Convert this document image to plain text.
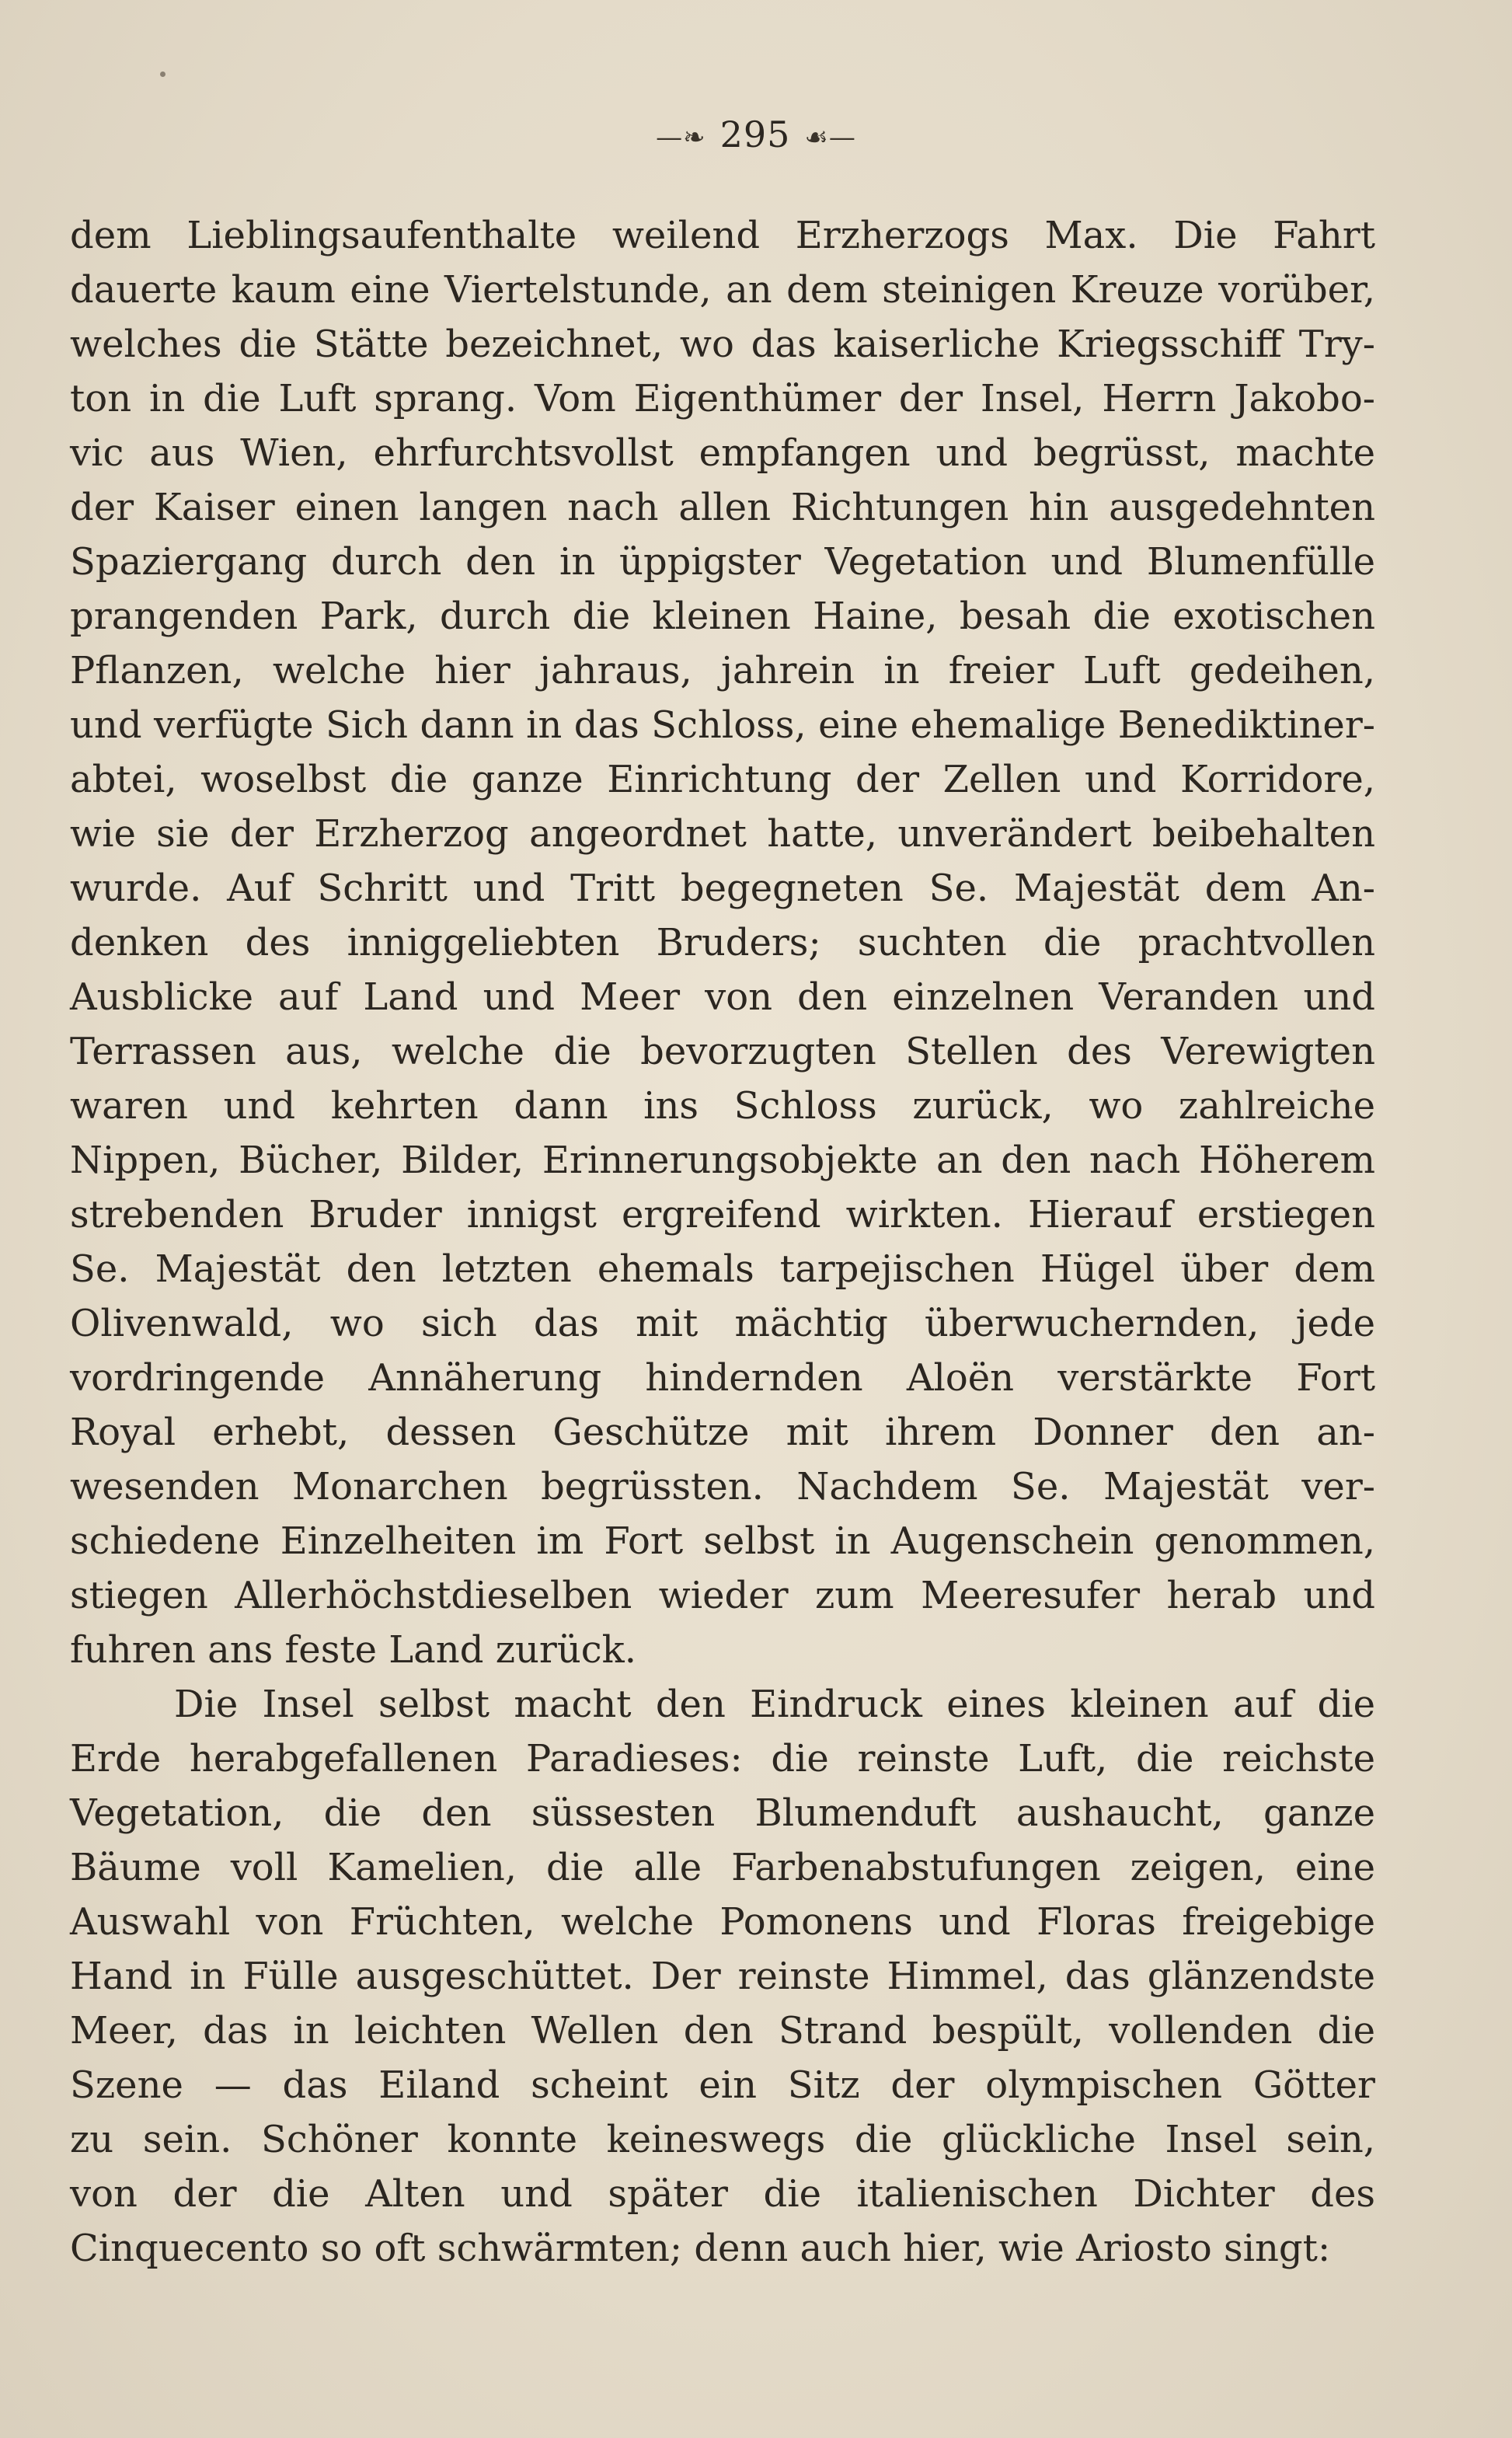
—❧ 295 ☙—
dem Lieblingsaufenthalte weilend Erzherzogs Max. Die Fahrt
dauerte kaum eine Viertelstunde, an dem steinigen Kreuze vorüber,
welches die Stätte bezeichnet, wo das kaiserliche Kriegsschiff Try-
ton in die Luft sprang. Vom Eigenthümer der Insel, Herrn Jakobo-
vic aus Wien, ehrfurchtsvollst empfangen und begrüsst, machte
der Kaiser einen langen nach allen Richtungen hin ausgedehnten
Spaziergang durch den in üppigster Vegetation und Blumenfülle
prangenden Park, durch die kleinen Haine, besah die exotischen
Pflanzen, welche hier jahraus, jahrein in freier Luft gedeihen,
und verfügte Sich dann in das Schloss, eine ehemalige Benediktiner-
abtei, woselbst die ganze Einrichtung der Zellen und Korridore,
wie sie der Erzherzog angeordnet hatte, unverändert beibehalten
wurde. Auf Schritt und Tritt begegneten Se. Majestät dem An-
denken des inniggeliebten Bruders; suchten die prachtvollen
Ausblicke auf Land und Meer von den einzelnen Veranden und
Terrassen aus, welche die bevorzugten Stellen des Verewigten
waren und kehrten dann ins Schloss zurück, wo zahlreiche
Nippen, Bücher, Bilder, Erinnerungsobjekte an den nach Höherem
strebenden Bruder innigst ergreifend wirkten. Hierauf erstiegen
Se. Majestät den letzten ehemals tarpejischen Hügel über dem
Olivenwald, wo sich das mit mächtig überwuchernden, jede
vordringende Annäherung hindernden Aloën verstärkte Fort
Royal erhebt, dessen Geschütze mit ihrem Donner den an-
wesenden Monarchen begrüssten. Nachdem Se. Majestät ver-
schiedene Einzelheiten im Fort selbst in Augenschein genommen,
stiegen Allerhöchstdieselben wieder zum Meeresufer herab und
fuhren ans feste Land zurück.
Die Insel selbst macht den Eindruck eines kleinen auf die
Erde herabgefallenen Paradieses: die reinste Luft, die reichste
Vegetation, die den süssesten Blumenduft aushaucht, ganze
Bäume voll Kamelien, die alle Farbenabstufungen zeigen, eine
Auswahl von Früchten, welche Pomonens und Floras freigebige
Hand in Fülle ausgeschüttet. Der reinste Himmel, das glänzendste
Meer, das in leichten Wellen den Strand bespült, vollenden die
Szene — das Eiland scheint ein Sitz der olympischen Götter
zu sein. Schöner konnte keineswegs die glückliche Insel sein,
von der die Alten und später die italienischen Dichter des
Cinquecento so oft schwärmten; denn auch hier, wie Ariosto singt:
